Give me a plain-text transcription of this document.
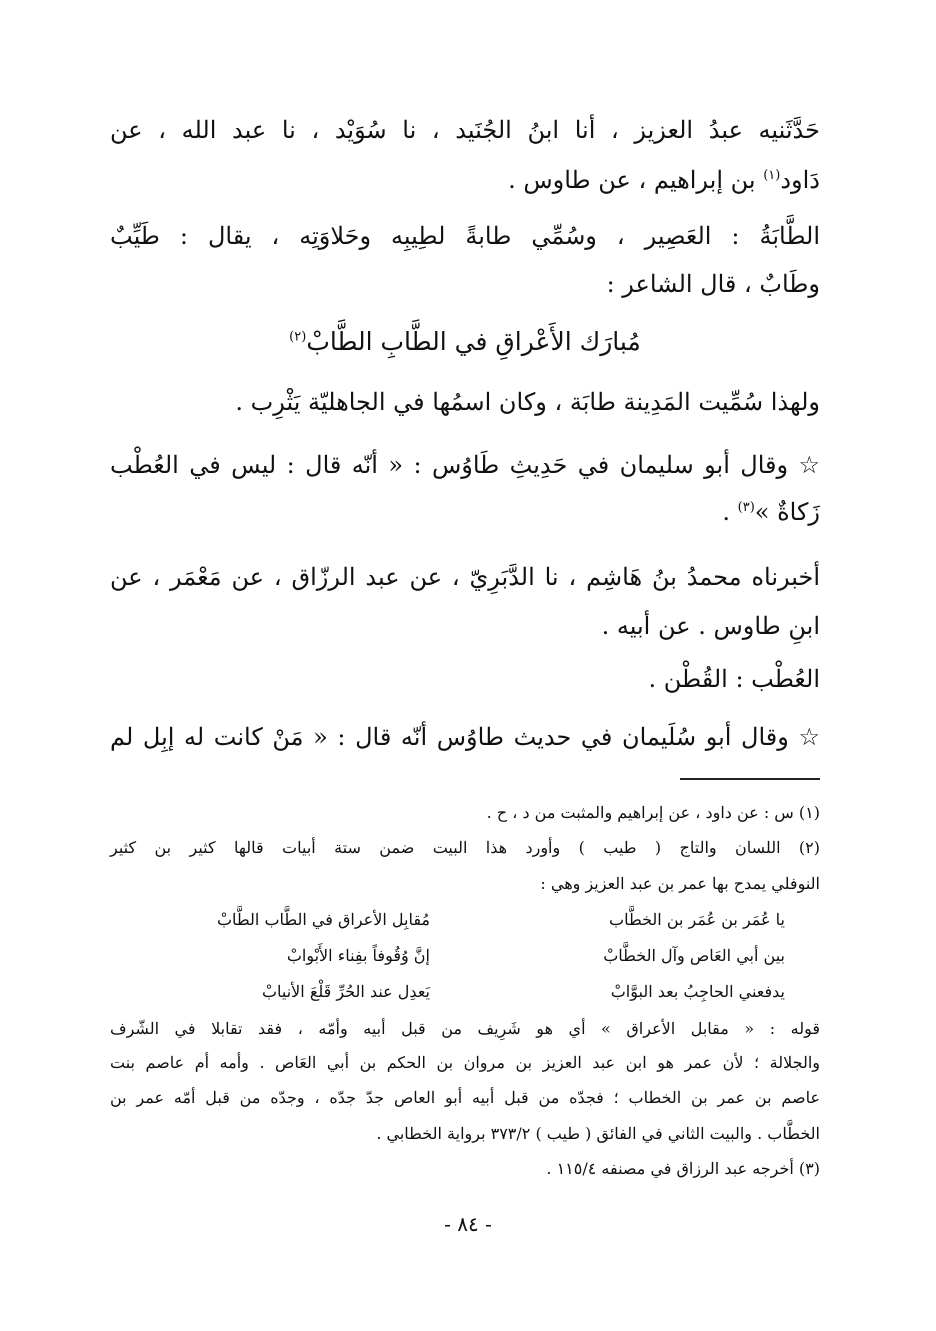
حَدَّثَنيه عبدُ العزيز ، أنا ابنُ الجُنَيد ، نا سُوَيْد ، نا عبد الله ، عن

دَاود$^{(١)}$ بن إبراهيم ، عن طاوس .

الطَّابَةُ : العَصِير ، وسُمِّي طابةً لطِيبِه وحَلاوَتِه ، يقال : طَيِّبٌ

وطَابٌ ، قال الشاعر :

مُبارَك الأَعْراقِ في الطَّابِ الطَّابْ$^{(٢)}$

ولهذا سُمِّيت المَدِينة طابَة ، وكان اسمُها في الجاهليّة يَثْرِب .

☆ وقال أبو سليمان في حَدِيثِ طَاوُس : « أنّه قال : ليس في العُطْب

زَكاةٌ »$^{(٣)}$ .

أخبرناه محمدُ بنُ هَاشِم ، نا الدَّبَرِيّ ، عن عبد الرزّاق ، عن مَعْمَر ، عن

ابنِ طاوس . عن أبيه .

العُطْب : القُطْن .

☆ وقال أبو سُلَيمان في حديث طاوُس أنّه قال : « مَنْ كانت له إبِل لم

(١) س : عن داود ، عن إبراهيم والمثبت من د ، ح .

(٢) اللسان والتاج ( طيب ) وأورد هذا البيت ضمن ستة أبيات قالها كثير بن كثير

النوفلي يمدح بها عمر بن عبد العزيز وهي :

يا عُمَر بن عُمَر بن الخطَّاب
مُقابِل الأعراق في الطَّاب الطَّابْ
بين أبي العَاص وآل الخطَّابْ
إنَّ وُقُوفاً بفِناء الأَبْوابْ
يدفعني الحاجِبُ بعد البوَّابْ
يَعدِل عند الحُرِّ قَلْعَ الأنيابْ

قوله : « مقابل الأعراق » أي هو شَرِيف من قبل أبيه وأمّه ، فقد تقابلا في الشّرف

والجلالة ؛ لأن عمر هو ابن عبد العزيز بن مروان بن الحكم بن أبي العَاص . وأمه أم عاصم بنت

عاصم بن عمر بن الخطاب ؛ فجدّه من قبل أبيه أبو العاص جدّ جدّه ، وجدّه من قبل أمّه عمر بن

الخطَّاب . والبيت الثاني في الفائق ( طيب ) ٣٧٣/٢ برواية الخطابي .

(٣) أخرجه عبد الرزاق في مصنفه ١١٥/٤ .

- ٨٤ -
